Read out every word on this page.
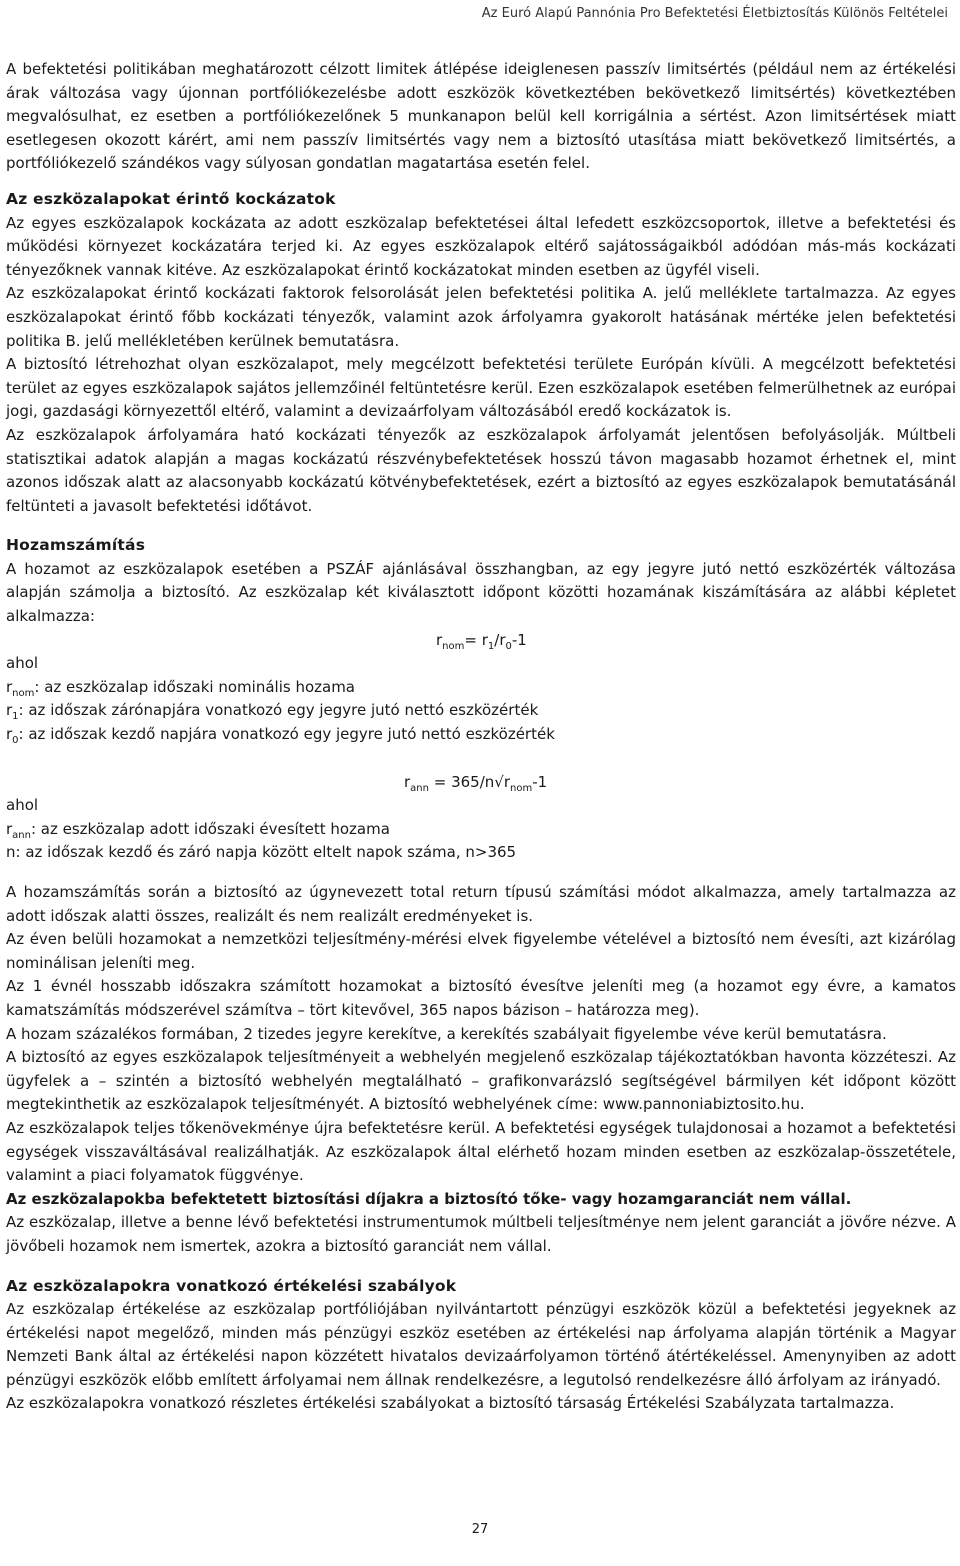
Az Euró Alapú Pannónia Pro Befektetési Életbiztosítás Különös Feltételei

A befektetési politikában meghatározott célzott limitek átlépése ideiglenesen passzív limitsértés (például nem az értékelési árak változása vagy újonnan portfóliókezelésbe adott eszközök következtében bekövetkező limitsértés) következtében megvalósulhat, ez esetben a portfóliókezelőnek 5 munkanapon belül kell korrigálnia a sértést. Azon limitsértések miatt esetlegesen okozott kárért, ami nem passzív limitsértés vagy nem a biztosító utasítása miatt bekövetkező limitsértés, a portfóliókezelő szándékos vagy súlyosan gondatlan magatartása esetén felel.

Az eszközalapokat érintő kockázatok

Az egyes eszközalapok kockázata az adott eszközalap befektetései által lefedett eszközcsoportok, illetve a befektetési és működési környezet kockázatára terjed ki. Az egyes eszközalapok eltérő sajátosságaikból adódóan más-más kockázati tényezőknek vannak kitéve. Az eszközalapokat érintő kockázatokat minden esetben az ügyfél viseli.

Az eszközalapokat érintő kockázati faktorok felsorolását jelen befektetési politika A. jelű melléklete tartalmazza. Az egyes eszközalapokat érintő főbb kockázati tényezők, valamint azok árfolyamra gyakorolt hatásának mértéke jelen befektetési politika B. jelű mellékletében kerülnek bemutatásra.

A biztosító létrehozhat olyan eszközalapot, mely megcélzott befektetési területe Európán kívüli. A megcélzott befektetési terület az egyes eszközalapok sajátos jellemzőinél feltüntetésre kerül. Ezen eszközalapok esetében felmerülhetnek az európai jogi, gazdasági környezettől eltérő, valamint a devizaárfolyam változásából eredő kockázatok is.

Az eszközalapok árfolyamára ható kockázati tényezők az eszközalapok árfolyamát jelentősen befolyásolják. Múltbeli statisztikai adatok alapján a magas kockázatú részvénybefektetések hosszú távon magasabb hozamot érhetnek el, mint azonos időszak alatt az alacsonyabb kockázatú kötvénybefektetések, ezért a biztosító az egyes eszközalapok bemutatásánál feltünteti a javasolt befektetési időtávot.

Hozamszámítás

A hozamot az eszközalapok esetében a PSZÁF ajánlásával összhangban, az egy jegyre jutó nettó eszközérték változása alapján számolja a biztosító. Az eszközalap két kiválasztott időpont közötti hozamának kiszámítására az alábbi képletet alkalmazza:

$r_{nom}= r_1/r_0-1$

ahol

$r_{nom}$: az eszközalap időszaki nominális hozama

$r_1$: az időszak zárónapjára vonatkozó egy jegyre jutó nettó eszközérték

$r_0$: az időszak kezdő napjára vonatkozó egy jegyre jutó nettó eszközérték

$r_{ann} = 365/n√r_{nom}-1$

ahol

$r_{ann}$: az eszközalap adott időszaki évesített hozama

n: az időszak kezdő és záró napja között eltelt napok száma, n>365

A hozamszámítás során a biztosító az úgynevezett total return típusú számítási módot alkalmazza, amely tartalmazza az adott időszak alatti összes, realizált és nem realizált eredményeket is.

Az éven belüli hozamokat a nemzetközi teljesítmény-mérési elvek figyelembe vételével a biztosító nem évesíti, azt kizárólag nominálisan jeleníti meg.

Az 1 évnél hosszabb időszakra számított hozamokat a biztosító évesítve jeleníti meg (a hozamot egy évre, a kamatos kamatszámítás módszerével számítva – tört kitevővel, 365 napos bázison – határozza meg).

A hozam százalékos formában, 2 tizedes jegyre kerekítve, a kerekítés szabályait figyelembe véve kerül bemutatásra.

A biztosító az egyes eszközalapok teljesítményeit a webhelyén megjelenő eszközalap tájékoztatókban havonta közzéteszi. Az ügyfelek a – szintén a biztosító webhelyén megtalálható – grafikonvarázsló segítségével bármilyen két időpont között megtekinthetik az eszközalapok teljesítményét. A biztosító webhelyének címe: www.pannoniabiztosito.hu.

Az eszközalapok teljes tőkenövekménye újra befektetésre kerül. A befektetési egységek tulajdonosai a hozamot a befektetési egységek visszaváltásával realizálhatják. Az eszközalapok által elérhető hozam minden esetben az eszközalap-összetétele, valamint a piaci folyamatok függvénye.

Az eszközalapokba befektetett biztosítási díjakra a biztosító tőke- vagy hozamgaranciát nem vállal.

Az eszközalap, illetve a benne lévő befektetési instrumentumok múltbeli teljesítménye nem jelent garanciát a jövőre nézve. A jövőbeli hozamok nem ismertek, azokra a biztosító garanciát nem vállal.

Az eszközalapokra vonatkozó értékelési szabályok

Az eszközalap értékelése az eszközalap portfóliójában nyilvántartott pénzügyi eszközök közül a befektetési jegyeknek az értékelési napot megelőző, minden más pénzügyi eszköz esetében az értékelési nap árfolyama alapján történik a Magyar Nemzeti Bank által az értékelési napon közzétett hivatalos devizaárfolyamon történő átértékeléssel. Amenynyiben az adott pénzügyi eszközök előbb említett árfolyamai nem állnak rendelkezésre, a legutolsó rendelkezésre álló árfolyam az irányadó.

Az eszközalapokra vonatkozó részletes értékelési szabályokat a biztosító társaság Értékelési Szabályzata tartalmazza.

27
